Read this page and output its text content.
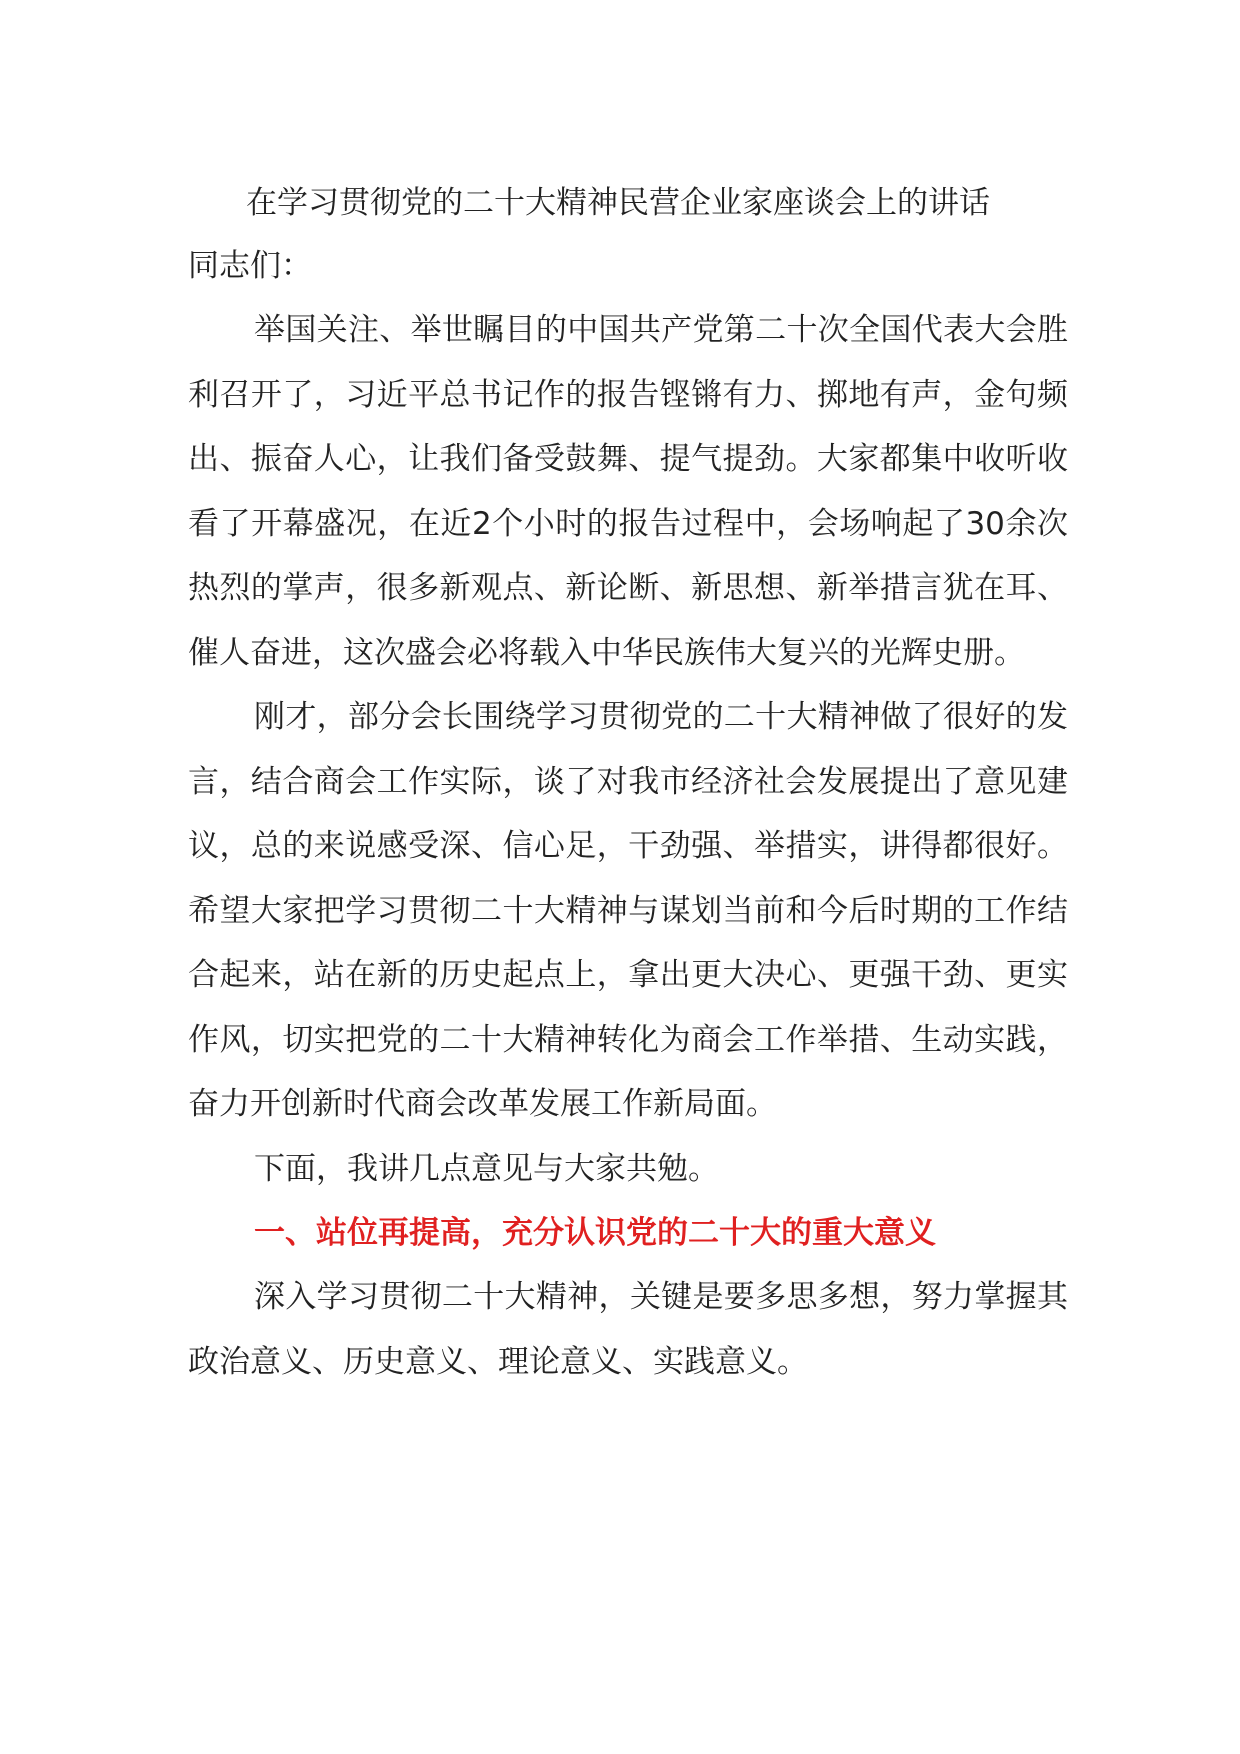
在学习贯彻党的二十大精神民营企业家座谈会上的讲话

同志们：

举国关注、举世瞩目的中国共产党第二十次全国代表大会胜利召开了，习近平总书记作的报告铿锵有力、掷地有声，金句频出、振奋人心，让我们备受鼓舞、提气提劲。大家都集中收听收看了开幕盛况，在近2个小时的报告过程中，会场响起了30余次热烈的掌声，很多新观点、新论断、新思想、新举措言犹在耳、催人奋进，这次盛会必将载入中华民族伟大复兴的光辉史册。

刚才，部分会长围绕学习贯彻党的二十大精神做了很好的发言，结合商会工作实际，谈了对我市经济社会发展提出了意见建议，总的来说感受深、信心足，干劲强、举措实，讲得都很好。希望大家把学习贯彻二十大精神与谋划当前和今后时期的工作结合起来，站在新的历史起点上，拿出更大决心、更强干劲、更实作风，切实把党的二十大精神转化为商会工作举措、生动实践，奋力开创新时代商会改革发展工作新局面。

下面，我讲几点意见与大家共勉。

一、站位再提高，充分认识党的二十大的重大意义

深入学习贯彻二十大精神，关键是要多思多想，努力掌握其政治意义、历史意义、理论意义、实践意义。
